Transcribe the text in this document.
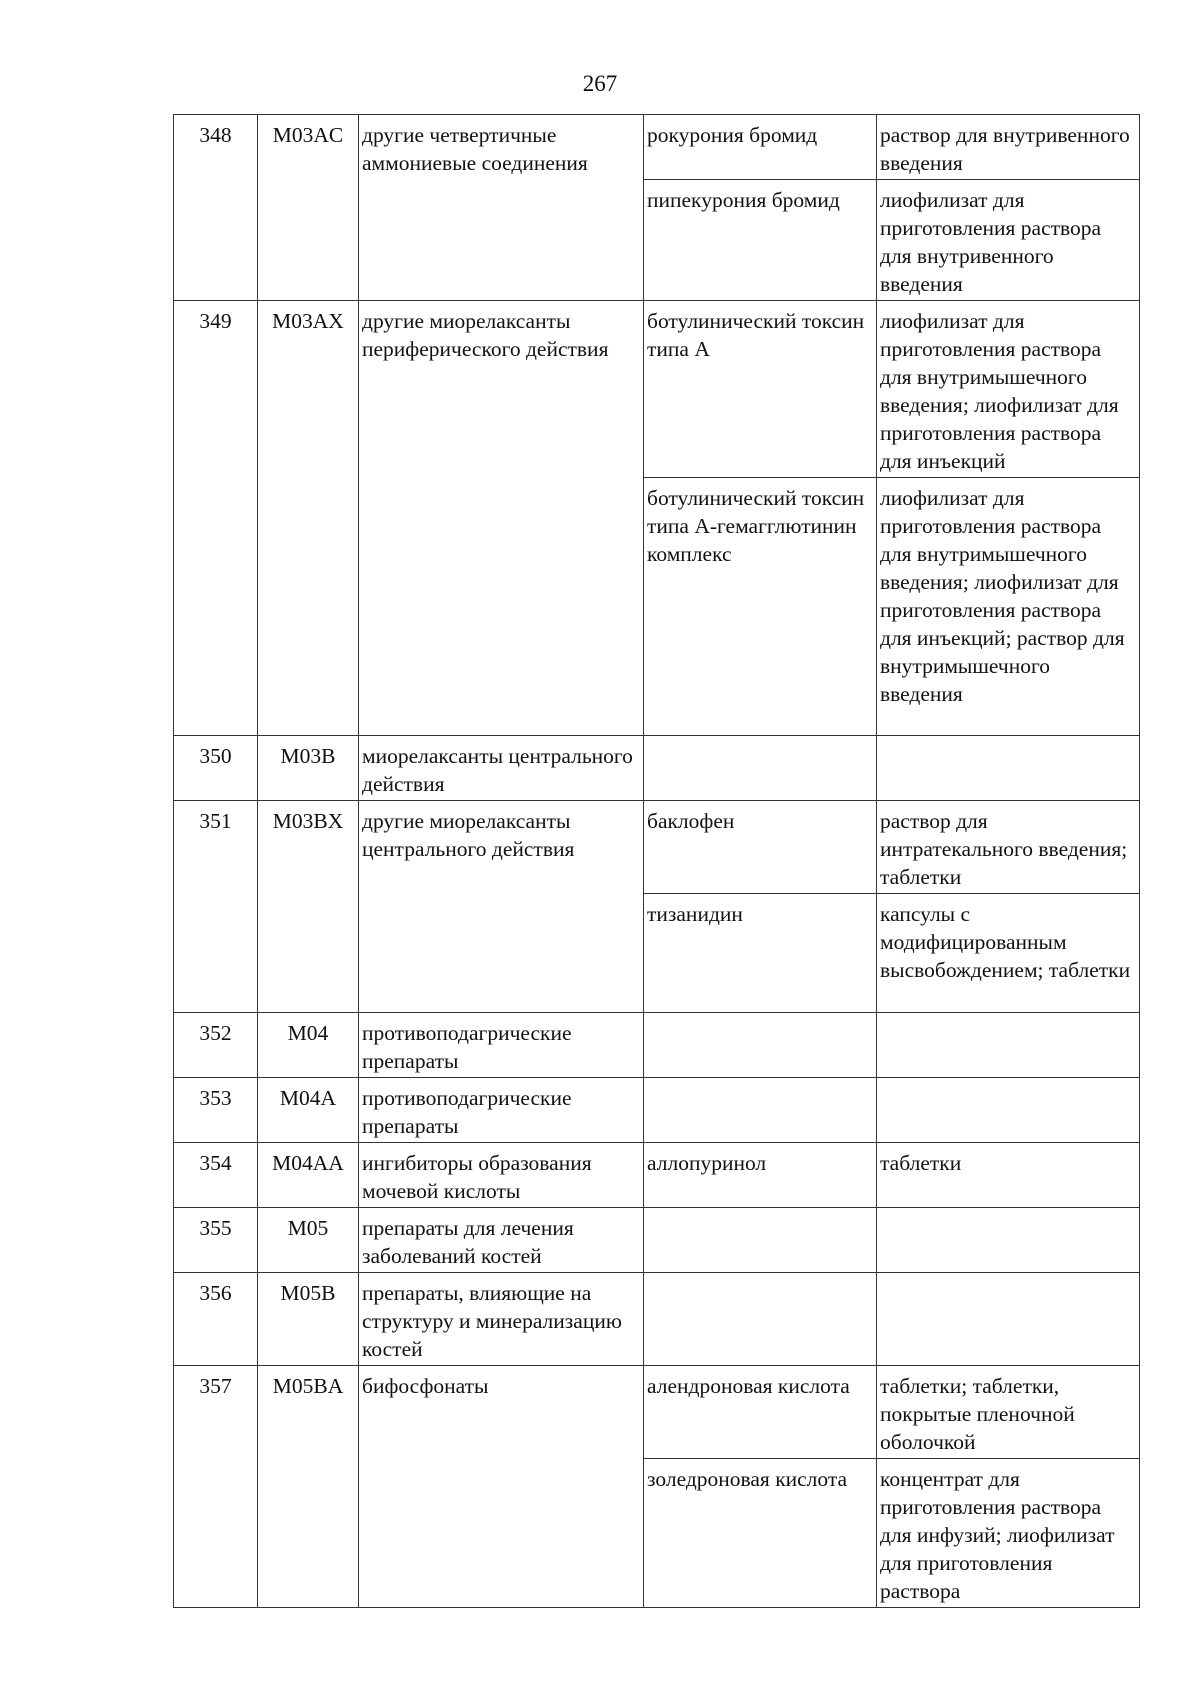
267
348	M03AC	другие четвертичные аммониевые соединения	рокурония бромид	раствор для внутривенного введения
			пипекурония бромид	лиофилизат для приготовления раствора для внутривенного введения
349	M03AX	другие миорелаксанты периферического действия	ботулинический токсин типа А	лиофилизат для приготовления раствора для внутримышечного введения; лиофилизат для приготовления раствора для инъекций
			ботулинический токсин типа А-гемагглютинин комплекс	лиофилизат для приготовления раствора для внутримышечного введения; лиофилизат для приготовления раствора для инъекций; раствор для внутримышечного введения
350	M03B	миорелаксанты центрального действия		
351	M03BX	другие миорелаксанты центрального действия	баклофен	раствор для интратекального введения; таблетки
			тизанидин	капсулы с модифицированным высвобождением; таблетки
352	M04	противоподагрические препараты		
353	M04A	противоподагрические препараты		
354	M04AA	ингибиторы образования мочевой кислоты	аллопуринол	таблетки
355	M05	препараты для лечения заболеваний костей		
356	M05B	препараты, влияющие на структуру и минерализацию костей		
357	M05BA	бифосфонаты	алендроновая кислота	таблетки; таблетки, покрытые пленочной оболочкой
			золедроновая кислота	концентрат для приготовления раствора для инфузий; лиофилизат для приготовления раствора
